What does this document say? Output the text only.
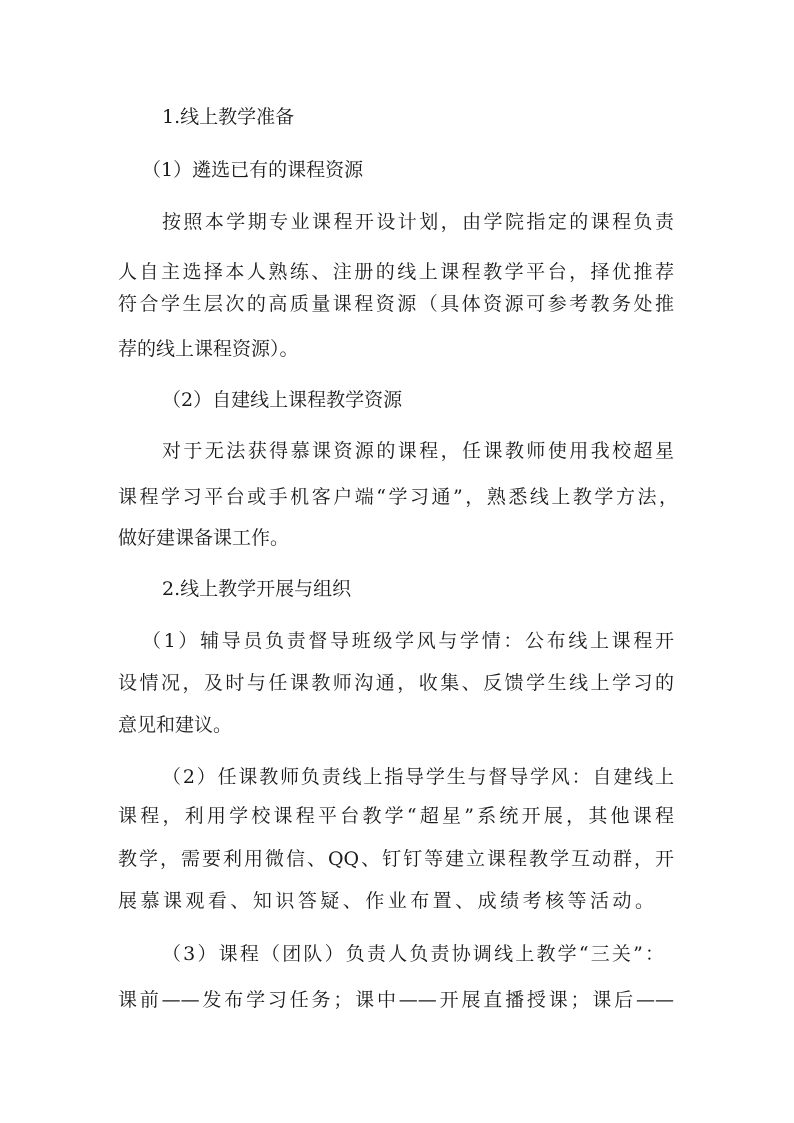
1.线上教学准备
（1）遴选已有的课程资源
按照本学期专业课程开设计划，由学院指定的课程负责
人自主选择本人熟练、注册的线上课程教学平台，择优推荐
符合学生层次的高质量课程资源（具体资源可参考教务处推
荐的线上课程资源）。
（2）自建线上课程教学资源
对于无法获得慕课资源的课程，任课教师使用我校超星
课程学习平台或手机客户端“学习通”，熟悉线上教学方法，
做好建课备课工作。
2.线上教学开展与组织
（1）辅导员负责督导班级学风与学情：公布线上课程开
设情况，及时与任课教师沟通，收集、反馈学生线上学习的
意见和建议。
（2）任课教师负责线上指导学生与督导学风：自建线上
课程，利用学校课程平台教学“超星”系统开展，其他课程
教学，需要利用微信、QQ、钉钉等建立课程教学互动群，开
展慕课观看、知识答疑、作业布置、成绩考核等活动。
（3）课程（团队）负责人负责协调线上教学“三关”：
课前——发布学习任务；课中——开展直播授课；课后——
